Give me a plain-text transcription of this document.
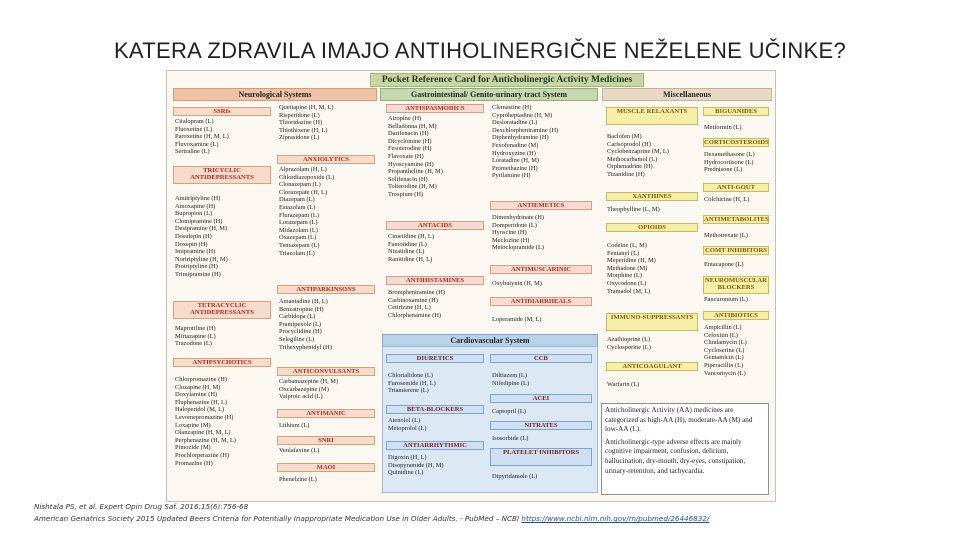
KATERA ZDRAVILA IMAJO ANTIHOLINERGIČNE NEŽELENE UČINKE?
Pocket Reference Card for Anticholinergic Activity Medicines
Neurological Systems	Gastrointestinal/ Genito-urinary tract System	Miscellaneous
SSRIs
Citalopram (L)
Fluoxetine (L)
Paroxetine (H, M, L)
Fluvoxamine (L)
Sertraline (L)
TRICYCLIC ANTIDEPRESSANTS
Amitriptyline (H)
Amoxapine (H)
Bupropion (L)
Clomipramine (H)
Desipramine (H, M)
Dosulepin (H)
Doxepin (H)
Imipramine (H)
Nortriptyline (H, M)
Protriptyline (H)
Trimipramine (H)
TETRACYCLIC ANTIDEPRESSANTS
Maprotiline (H)
Mirtazapine (L)
Trazodone (L)
ANTIPSYCHOTICS
Chlorpromazine (H)
Clozapine (H, M)
Doxylamine (H)
Fluphenazine (H, L)
Haloperidol (M, L)
Levomepromazine (H)
Loxapine (M)
Olanzapine (H, M, L)
Perphenazine (H, M, L)
Pimozide (M)
Prochlorperazine (H)
Promazine (H)
Quetiapine (H, M, L)
Risperidone (L)
Thioridazine (H)
Thiothixene (H, L)
Ziprasidone (L)
ANXIOLYTICS
Alprazolam (H, L)
Chlordiazepoxide (L)
Clonazepam (L)
Clorazepate (H, L)
Diazepam (L)
Estazolam (L)
Flurazepam (L)
Lorazepam (L)
Midazolam (L)
Oxazepam (L)
Temazepam (L)
Triazolam (L)
ANTIPARKINSONS
Amantadine (H, L)
Benzatropine (H)
Carbidopa (L)
Pramipexole (L)
Procyclidine (H)
Selegiline (L)
Trihexyphenidyl (H)
ANTICONVULSANTS
Carbamazepine (H, M)
Oxcarbazepine (M)
Valproic acid (L)
ANTIMANIC
Lithium (L)
SNRI
Venlafaxine (L)
MAOI
Phenelzine (L)
ANTISPASMODICS
Atropine (H)
Belladonna (H, M)
Darifenacin (H)
Dicyclomine (H)
Fesoterodine (H)
Flavoxate (H)
Hyoscyamine (H)
Propantheline (H, M)
Solifenacin (H)
Tolterodine (H, M)
Trospium (H)
ANTACIDS
Cimetidine (H, L)
Famotidine (L)
Nizatidine (L)
Ranitidine (H, L)
ANTIHISTAMINES
Brompheniramine (H)
Carbinoxamine (H)
Cetirizine (H, L)
Chlorphenamine (H)
Clemastine (H)
Cyproheptadine (H, M)
Desloratadine (L)
Dexchlorpheniramine (H)
Diphenhydramine (H)
Fexofenadine (M)
Hydroxyzine (H)
Loratadine (H, M)
Promethazine (H)
Pyrilamine (H)
ANTIEMETICS
Dimenhydrinate (H)
Domperidone (L)
Hyoscine (H)
Meclozine (H)
Metoclopramide (L)
ANTIMUSCARINIC
Oxybutynin (H, M)
ANTIDIARRHEALS
Loperamide (M, L)
Cardiovascular System
DIURETICS
Chlortalidone (L)
Furosemide (H, L)
Triamterene (L)
BETA-BLOCKERS
Atenolol (L)
Metoprolol (L)
ANTIARRHYTHMIC
Digoxin (H, L)
Disopyramide (H, M)
Quinidine (L)
CCB
Diltiazem (L)
Nifedipine (L)
ACEI
Captopril (L)
NITRATES
Isosorbide (L)
PLATELET INHIBITORS
Dipyridamole (L)
MUSCLE RELAXANTS
Baclofen (M)
Carisoprodol (H)
Cyclobenzaprine (M, L)
Methocarbamol (L)
Orphenadrine (H)
Tizanidine (H)
XANTHINES
Theophylline (L, M)
OPIOIDS
Codeine (L, M)
Fentanyl (L)
Meperidine (H, M)
Methadone (M)
Morphine (L)
Oxycodone (L)
Tramadol (M, L)
IMMUNO-SUPPRESSANTS
Azathioprine (L)
Cyclosporine (L)
ANTICOAGULANT
Warfarin (L)
BIGUANIDES
Metformin (L)
CORTICOSTEROIDS
Dexamethasone (L)
Hydrocortisone (L)
Prednisone (L)
ANTI-GOUT
Colchicine (H, L)
ANTIMETABOLITES
Methotrexate (L)
COMT INHIBITORS
Entacapone (L)
NEUROMUSCULAR BLOCKERS
Pancuronium (L)
ANTIBIOTICS
Ampicillin (L)
Cefoxitin (L)
Clindamycin (L)
Cycloserine (L)
Gentamicin (L)
Piperacillin (L)
Vancomycin (L)
Anticholinergic Activity (AA) medicines are categorized as high-AA (H), moderate-AA (M) and low-AA (L).
Anticholinergic-type adverse effects are mainly cognitive impairment, confusion, delirium, hallucination, dry-mouth, dry-eyes, constipation, urinary-retention, and tachycardia.
Nishtala PS, et al. Expert Opin Drug Saf. 2016;15(6):756-68
American Geriatrics Society 2015 Updated Beers Criteria for Potentially Inappropriate Medication Use in Older Adults. - PubMed – NCBI https://www.ncbi.nlm.nih.gov/m/pubmed/26446832/
